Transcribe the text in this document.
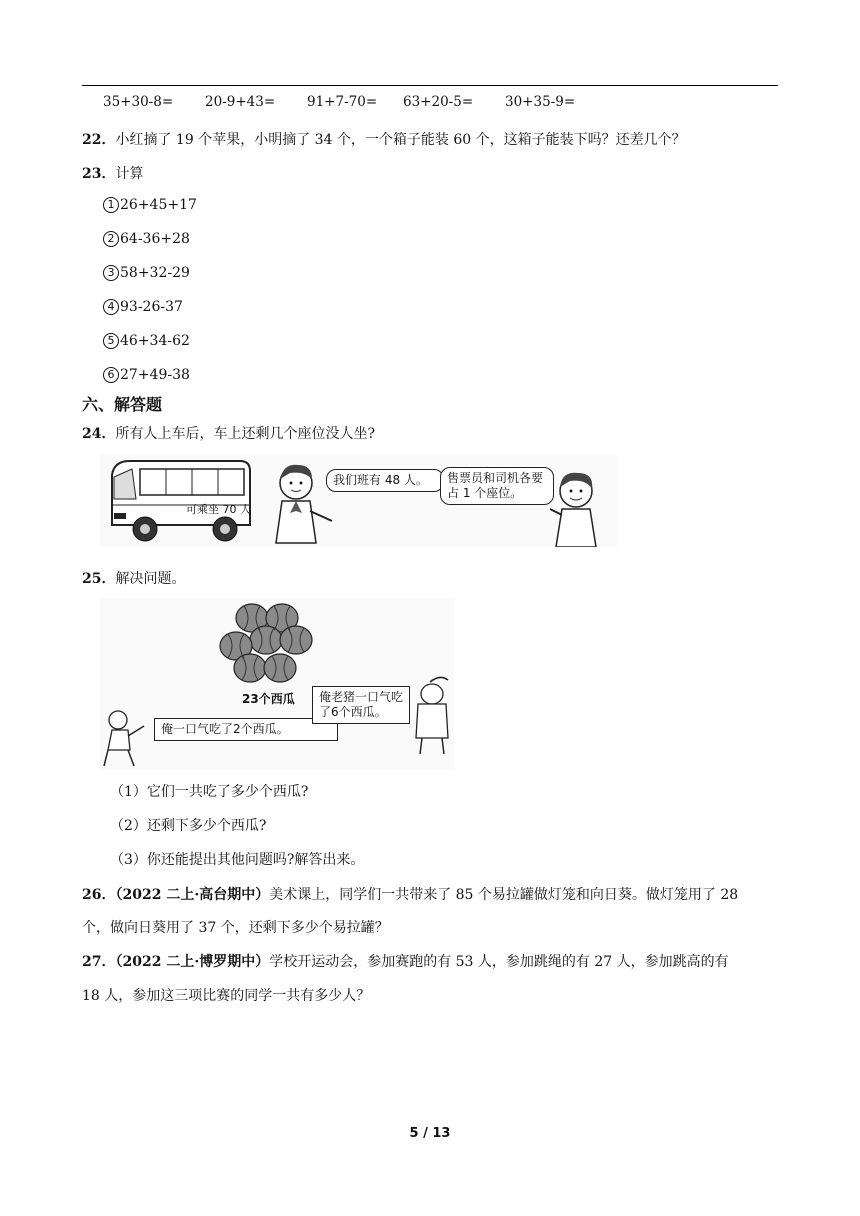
35+30-8= 20-9+43= 91+7-70= 63+20-5= 30+35-9=
22．小红摘了 19 个苹果，小明摘了 34 个，一个箱子能装 60 个，这箱子能装下吗？还差几个？
23．计算
1 26+45+17
2 64-36+28
3 58+32-29
4 93-26-37
5 46+34-62
6 27+49-38
六、解答题
24．所有人上车后，车上还剩几个座位没人坐?
可乘坐 70 人
我们班有 48 人。	售票员和司机各要占 1 个座位。
25．解决问题。
23个西瓜
俺一口气吃了2个西瓜。
俺老猪一口气吃了6个西瓜。
（1）它们一共吃了多少个西瓜?
（2）还剩下多少个西瓜?
（3）你还能提出其他问题吗?解答出来。
26．（2022 二上·高台期中）美术课上，同学们一共带来了 85 个易拉罐做灯笼和向日葵。做灯笼用了 28
个，做向日葵用了 37 个，还剩下多少个易拉罐？
27．（2022 二上·博罗期中）学校开运动会，参加赛跑的有 53 人，参加跳绳的有 27 人，参加跳高的有
18 人，参加这三项比赛的同学一共有多少人？
5 / 13
